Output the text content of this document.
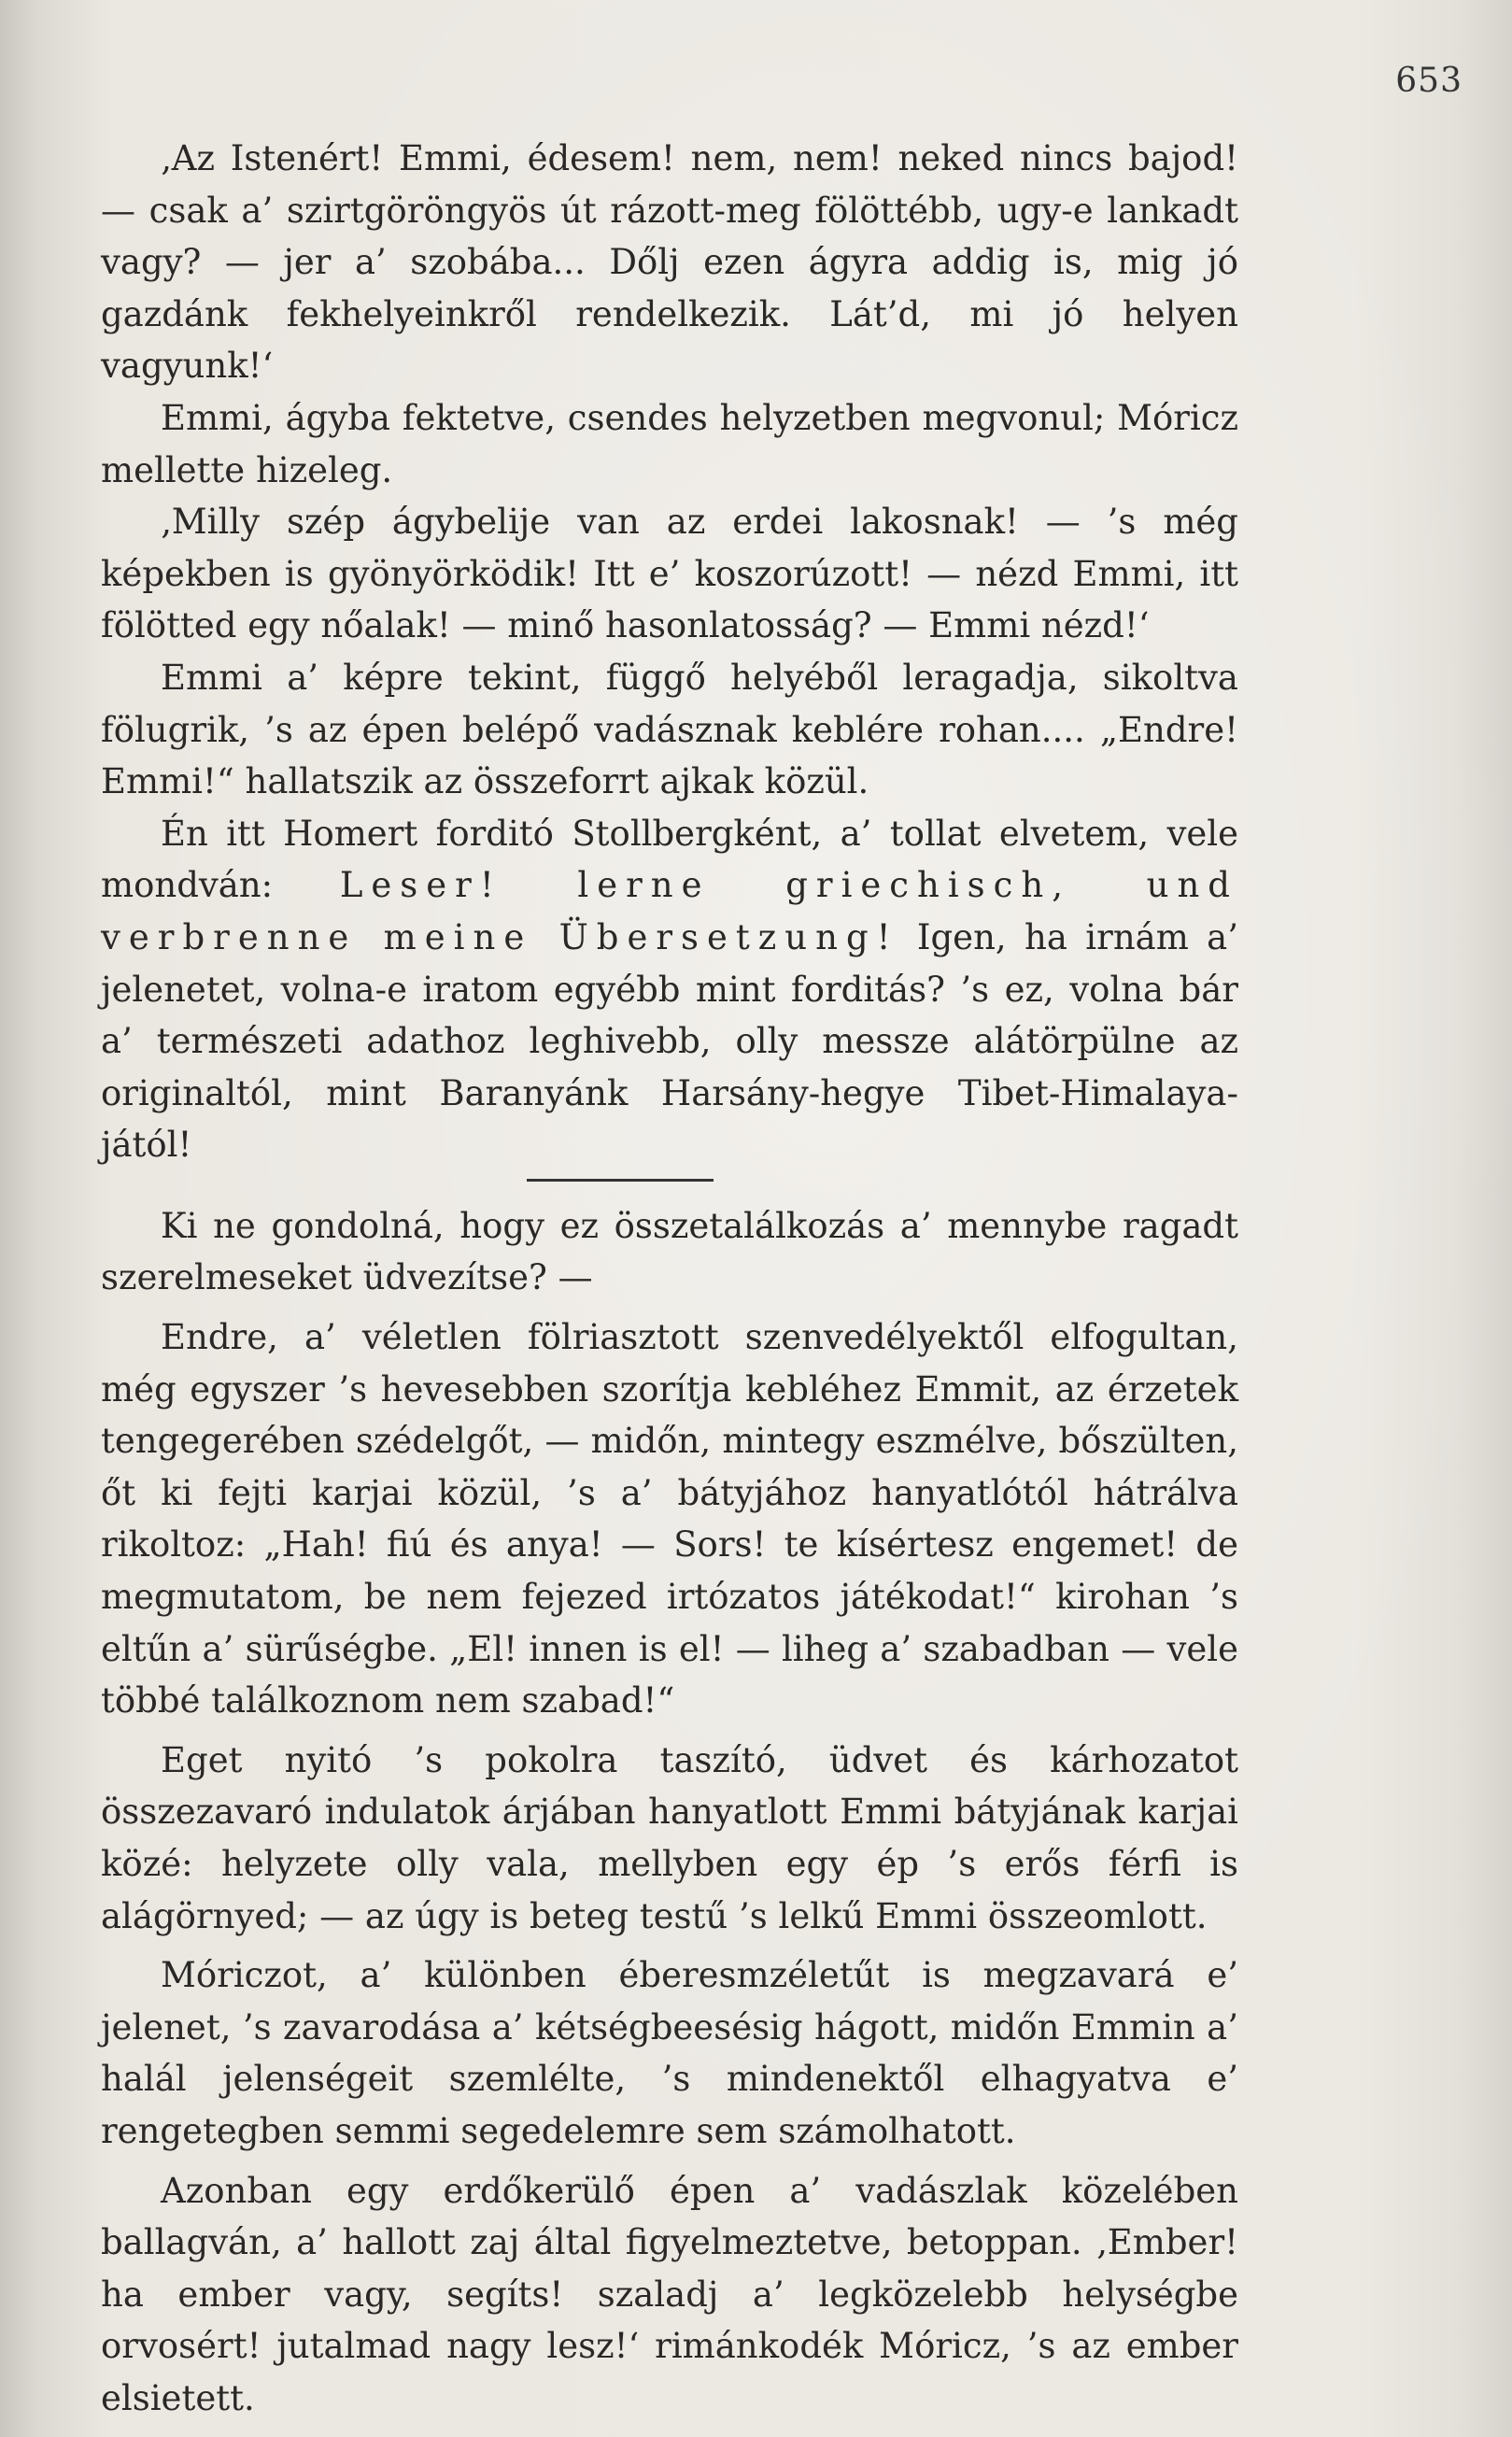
653

‚Az Istenért! Emmi, édesem! nem, nem! neked nincs bajod! — csak a’ szirtgöröngyös út rázott-meg fölöttébb, ugy-e lankadt vagy? — jer a’ szobába... Dőlj ezen ágyra addig is, mig jó gazdánk fekhelyeinkről rendelkezik. Lát’d, mi jó helyen vagyunk!‘

Emmi, ágyba fektetve, csendes helyzetben megvonul; Móricz mellette hizeleg.

‚Milly szép ágybelije van az erdei lakosnak! — ’s még képekben is gyönyörködik! Itt e’ koszorúzott! — nézd Emmi, itt fölötted egy nőalak! — minő hasonlatosság? — Emmi nézd!‘

Emmi a’ képre tekint, függő helyéből leragadja, sikoltva fölugrik, ’s az épen belépő vadásznak keblére rohan.... „Endre! Emmi!“ hallatszik az összeforrt ajkak közül.

Én itt Homert forditó Stollbergként, a’ tollat elvetem, vele mondván: Leser! lerne griechisch, und verbrenne meine Übersetzung! Igen, ha irnám a’ jelenetet, volna-e iratom egyébb mint forditás? ’s ez, volna bár a’ természeti adathoz leghivebb, olly messze alátörpülne az originaltól, mint Baranyánk Harsány-hegye Tibet-Himalaya-jától!

Ki ne gondolná, hogy ez összetalálkozás a’ mennybe ragadt szerelmeseket üdvezítse? —

Endre, a’ véletlen fölriasztott szenvedélyektől elfogultan, még egyszer ’s hevesebben szorítja kebléhez Emmit, az érzetek tengegerében szédelgőt, — midőn, mintegy eszmélve, bőszülten, őt ki fejti karjai közül, ’s a’ bátyjához hanyatlótól hátrálva rikoltoz: „Hah! fiú és anya! — Sors! te kísértesz engemet! de megmutatom, be nem fejezed irtózatos játékodat!“ kirohan ’s eltűn a’ sürűségbe. „El! innen is el! — liheg a’ szabadban — vele többé találkoznom nem szabad!“

Eget nyitó ’s pokolra taszító, üdvet és kárhozatot összezavaró indulatok árjában hanyatlott Emmi bátyjának karjai közé: helyzete olly vala, mellyben egy ép ’s erős férfi is alágörnyed; — az úgy is beteg testű ’s lelkű Emmi összeomlott.

Móriczot, a’ különben éberesmzéletűt is megzavará e’ jelenet, ’s zavarodása a’ kétségbeesésig hágott, midőn Emmin a’ halál jelenségeit szemlélte, ’s mindenektől elhagyatva e’ rengetegben semmi segedelemre sem számolhatott.

Azonban egy erdőkerülő épen a’ vadászlak közelében ballagván, a’ hallott zaj által figyelmeztetve, betoppan. ‚Ember! ha ember vagy, segíts! szaladj a’ legközelebb helységbe orvosért! jutalmad nagy lesz!‘ rimánkodék Móricz, ’s az ember elsietett.
